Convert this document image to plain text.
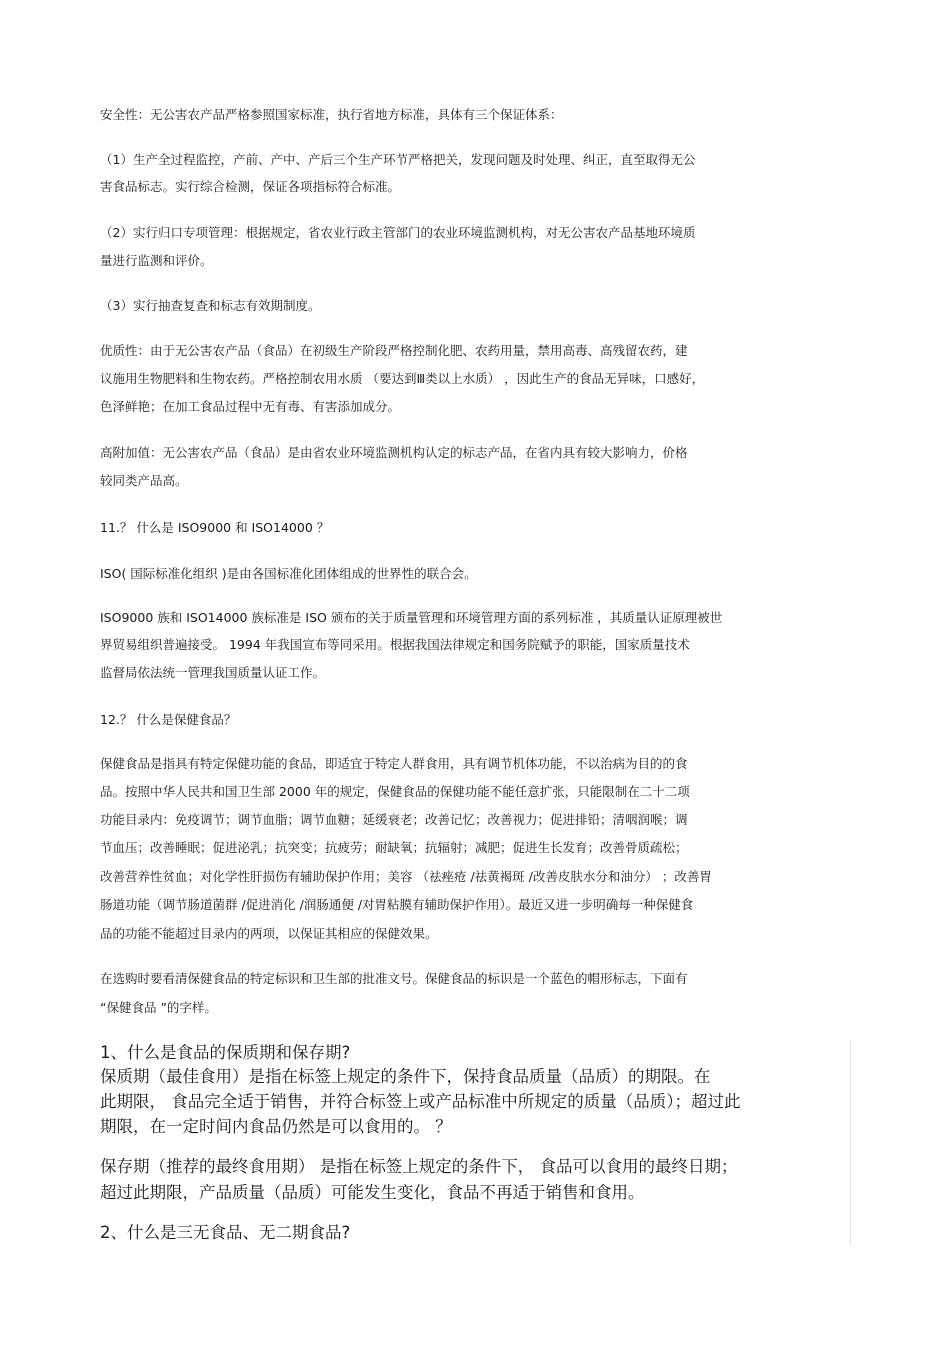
安全性：无公害农产品严格参照国家标准，执行省地方标准，具体有三个保证体系：
（1）生产全过程监控，产前、产中、产后三个生产环节严格把关，发现问题及时处理、纠正，直至取得无公
害食品标志。实行综合检测，保证各项指标符合标准。
（2）实行归口专项管理：根据规定，省农业行政主管部门的农业环境监测机构，对无公害农产品基地环境质
量进行监测和评价。
（3）实行抽查复查和标志有效期制度。
优质性：由于无公害农产品（食品）在初级生产阶段严格控制化肥、农药用量，禁用高毒、高残留农药，建
议施用生物肥料和生物农药。严格控制农用水质 （要达到Ⅲ类以上水质） ，因此生产的食品无异味，口感好，
色泽鲜艳；在加工食品过程中无有毒、有害添加成分。
高附加值：无公害农产品（食品）是由省农业环境监测机构认定的标志产品，在省内具有较大影响力，价格
较同类产品高。
11.？ 什么是 ISO9000 和 ISO14000 ？
ISO( 国际标准化组织 )是由各国标准化团体组成的世界性的联合会。
ISO9000 族和 ISO14000 族标准是 ISO 颁布的关于质量管理和环境管理方面的系列标准 ，其质量认证原理被世
界贸易组织普遍接受。 1994 年我国宣布等同采用。根据我国法律规定和国务院赋予的职能，国家质量技术
监督局依法统一管理我国质量认证工作。
12.？ 什么是保健食品？
保健食品是指具有特定保健功能的食品，即适宜于特定人群食用，具有调节机体功能，不以治病为目的的食
品。按照中华人民共和国卫生部 2000 年的规定，保健食品的保健功能不能任意扩张，只能限制在二十二项
功能目录内：免疫调节；调节血脂；调节血糖；延缓衰老；改善记忆；改善视力；促进排铅；清咽润喉；调
节血压；改善睡眠；促进泌乳；抗突变；抗疲劳；耐缺氧；抗辐射；减肥；促进生长发育；改善骨质疏松；
改善营养性贫血；对化学性肝损伤有辅助保护作用；美容 （祛痤疮 /祛黄褐斑 /改善皮肤水分和油分） ；改善胃
肠道功能（调节肠道菌群 /促进消化 /润肠通便 /对胃粘膜有辅助保护作用）。最近又进一步明确每一种保健食
品的功能不能超过目录内的两项，以保证其相应的保健效果。
在选购时要看清保健食品的特定标识和卫生部的批准文号。保健食品的标识是一个蓝色的帽形标志，下面有
“保健食品 ”的字样。
1、什么是食品的保质期和保存期?
保质期（最佳食用）是指在标签上规定的条件下，保持食品质量（品质）的期限。在
此期限， 食品完全适于销售，并符合标签上或产品标准中所规定的质量（品质）；超过此
期限，在一定时间内食品仍然是可以食用的。 ？
保存期（推荐的最终食用期） 是指在标签上规定的条件下， 食品可以食用的最终日期；
超过此期限，产品质量（品质）可能发生变化，食品不再适于销售和食用。
2、什么是三无食品、无二期食品?
